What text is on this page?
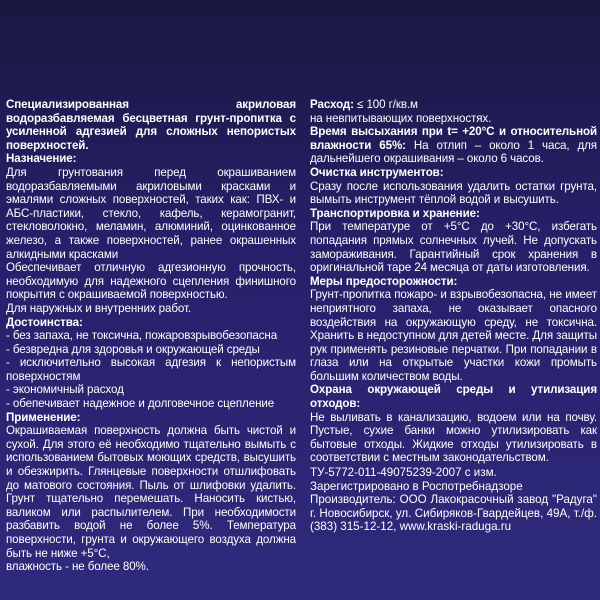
Специализированная акриловая водоразбавляемая бесцветная грунт-пропитка с усиленной адгезией для сложных непористых поверхностей.

Назначение:

Для грунтования перед окрашиванием водоразбавляемыми акриловыми красками и эмалями сложных поверхностей, таких как: ПВХ- и АБС-пластики, стекло, кафель, керамогранит, стекловолокно, меламин, алюминий, оцинкованное железо, а также поверхностей, ранее окрашенных алкидными красками

Обеспечивает отличную адгезионную прочность, необходимую для надежного сцепления финишного покрытия с окрашиваемой поверхностью.

Для наружных и внутренних работ.

Достоинства:

- без запаха, не токсична, пожаровзрывобезопасна

- безвредна для здоровья и окружающей среды

- исключительно высокая адгезия к непористым поверхностям

- экономичный расход

- обепечивает надежное и долговечное сцепление

Применение:

Окрашиваемая поверхность должна быть чистой и сухой. Для этого её необходимо тщательно вымыть с использованием бытовых моющих средств, высушить и обезжирить. Глянцевые поверхности отшлифовать до матового состояния. Пыль от шлифовки удалить. Грунт тщательно перемешать. Наносить кистью, валиком или распылителем. При необходимости разбавить водой не более 5%. Температура поверхности, грунта и окружающего воздуха должна быть не ниже +5°С,

влажность - не более 80%.

Расход: ≤ 100 г/кв.м

на невпитывающих поверхностях.

Время высыхания при t= +20°С и относительной влажности 65%: На отлип – около 1 часа, для дальнейшего окрашивания – около 6 часов.

Очистка инструментов:

Сразу после использования удалить остатки грунта, вымыть инструмент тёплой водой и высушить.

Транспортировка и хранение:

При температуре от +5°С до +30°С, избегать попадания прямых солнечных лучей. Не допускать замораживания. Гарантийный срок хранения в оригинальной таре 24 месяца от даты изготовления.

Меры предосторожности:

Грунт-пропитка пожаро- и взрывобезопасна, не имеет неприятного запаха, не оказывает опасного воздействия на окружающую среду, не токсична. Хранить в недоступном для детей месте. Для защиты рук применять резиновые перчатки. При попадании в глаза или на открытые участки кожи промыть большим количеством воды.

Охрана окружающей среды и утилизация отходов:

Не выливать в канализацию, водоем или на почву. Пустые, сухие банки можно утилизировать как бытовые отходы. Жидкие отходы утилизировать в соответствии с местным законодательством.

ТУ-5772-011-49075239-2007 с изм.

Зарегистрировано в Роспотребнадзоре

Производитель: ООО Лакокрасочный завод "Радуга" г. Новосибирск, ул. Сибиряков-Гвардейцев, 49А, т./ф. (383) 315-12-12, www.kraski-raduga.ru
